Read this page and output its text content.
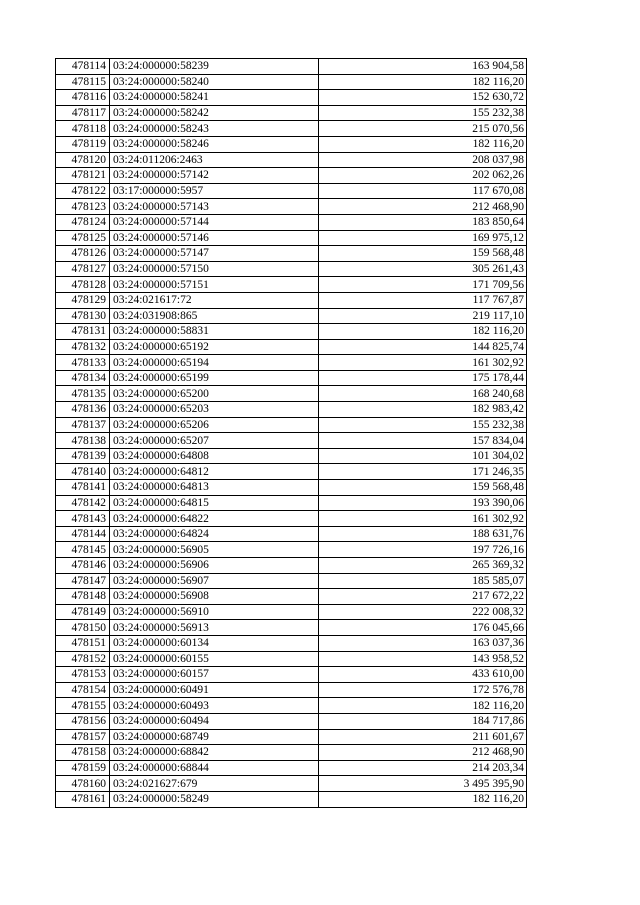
478114	03:24:000000:58239	163 904,58
478115	03:24:000000:58240	182 116,20
478116	03:24:000000:58241	152 630,72
478117	03:24:000000:58242	155 232,38
478118	03:24:000000:58243	215 070,56
478119	03:24:000000:58246	182 116,20
478120	03:24:011206:2463	208 037,98
478121	03:24:000000:57142	202 062,26
478122	03:17:000000:5957	117 670,08
478123	03:24:000000:57143	212 468,90
478124	03:24:000000:57144	183 850,64
478125	03:24:000000:57146	169 975,12
478126	03:24:000000:57147	159 568,48
478127	03:24:000000:57150	305 261,43
478128	03:24:000000:57151	171 709,56
478129	03:24:021617:72	117 767,87
478130	03:24:031908:865	219 117,10
478131	03:24:000000:58831	182 116,20
478132	03:24:000000:65192	144 825,74
478133	03:24:000000:65194	161 302,92
478134	03:24:000000:65199	175 178,44
478135	03:24:000000:65200	168 240,68
478136	03:24:000000:65203	182 983,42
478137	03:24:000000:65206	155 232,38
478138	03:24:000000:65207	157 834,04
478139	03:24:000000:64808	101 304,02
478140	03:24:000000:64812	171 246,35
478141	03:24:000000:64813	159 568,48
478142	03:24:000000:64815	193 390,06
478143	03:24:000000:64822	161 302,92
478144	03:24:000000:64824	188 631,76
478145	03:24:000000:56905	197 726,16
478146	03:24:000000:56906	265 369,32
478147	03:24:000000:56907	185 585,07
478148	03:24:000000:56908	217 672,22
478149	03:24:000000:56910	222 008,32
478150	03:24:000000:56913	176 045,66
478151	03:24:000000:60134	163 037,36
478152	03:24:000000:60155	143 958,52
478153	03:24:000000:60157	433 610,00
478154	03:24:000000:60491	172 576,78
478155	03:24:000000:60493	182 116,20
478156	03:24:000000:60494	184 717,86
478157	03:24:000000:68749	211 601,67
478158	03:24:000000:68842	212 468,90
478159	03:24:000000:68844	214 203,34
478160	03:24:021627:679	3 495 395,90
478161	03:24:000000:58249	182 116,20
